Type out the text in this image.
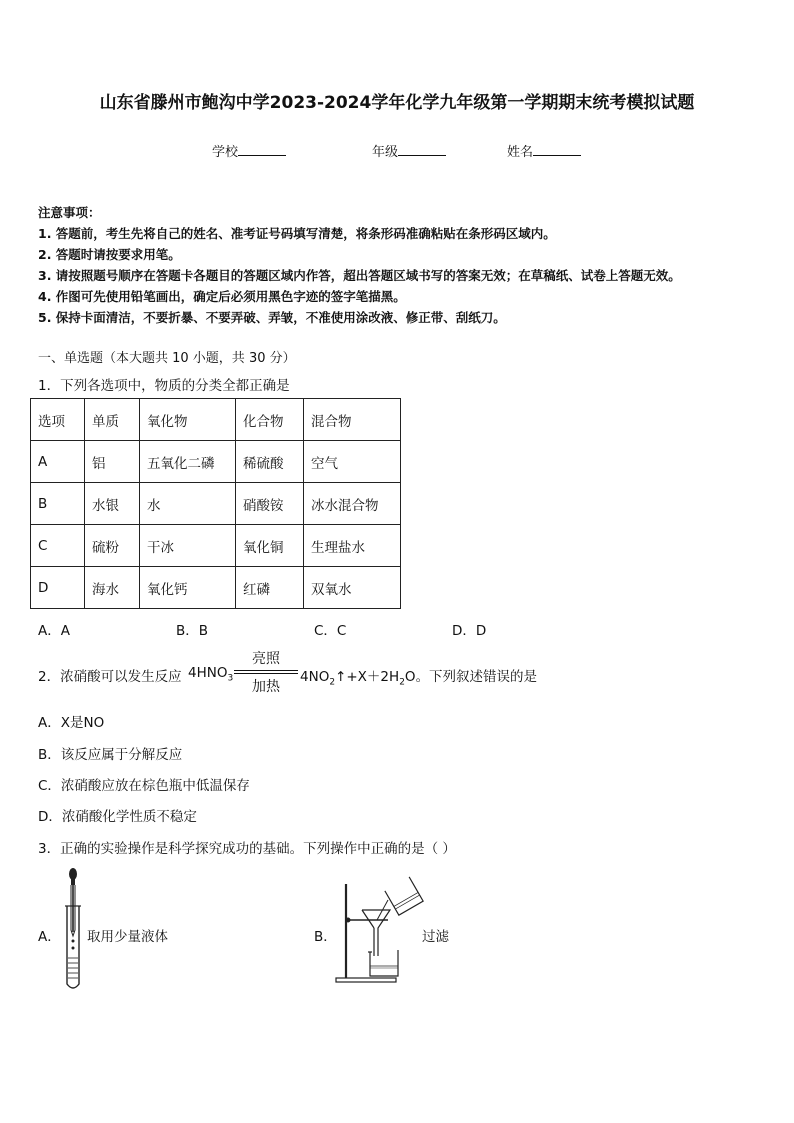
山东省滕州市鲍沟中学2023-2024学年化学九年级第一学期期末统考模拟试题
学校	年级	姓名
注意事项：
1. 答题前，考生先将自己的姓名、准考证号码填写清楚，将条形码准确粘贴在条形码区域内。
2. 答题时请按要求用笔。
3. 请按照题号顺序在答题卡各题目的答题区域内作答，超出答题区域书写的答案无效；在草稿纸、试卷上答题无效。
4. 作图可先使用铅笔画出，确定后必须用黑色字迹的签字笔描黑。
5. 保持卡面清洁，不要折暴、不要弄破、弄皱，不准使用涂改液、修正带、刮纸刀。
一、单选题（本大题共 10 小题，共 30 分）
1．下列各选项中，物质的分类全都正确是
选项	单质	氧化物	化合物	混合物
A	铝	五氧化二磷	稀硫酸	空气
B	水银	水	硝酸铵	冰水混合物
C	硫粉	干冰	氧化铜	生理盐水
D	海水	氧化钙	红磷	双氧水
A．A	B．B	C．C	D．D
2．浓硝酸可以发生反应 $4HNO_3$
亮照
加热
$4NO_2↑+X+2H_2O$。下列叙述错误的是
A．X是NO
B．该反应属于分解反应
C．浓硝酸应放在棕色瓶中低温保存
D．浓硝酸化学性质不稳定
3．正确的实验操作是科学探究成功的基础。下列操作中正确的是（ ）
A． 取用少量液体	B．	过滤
